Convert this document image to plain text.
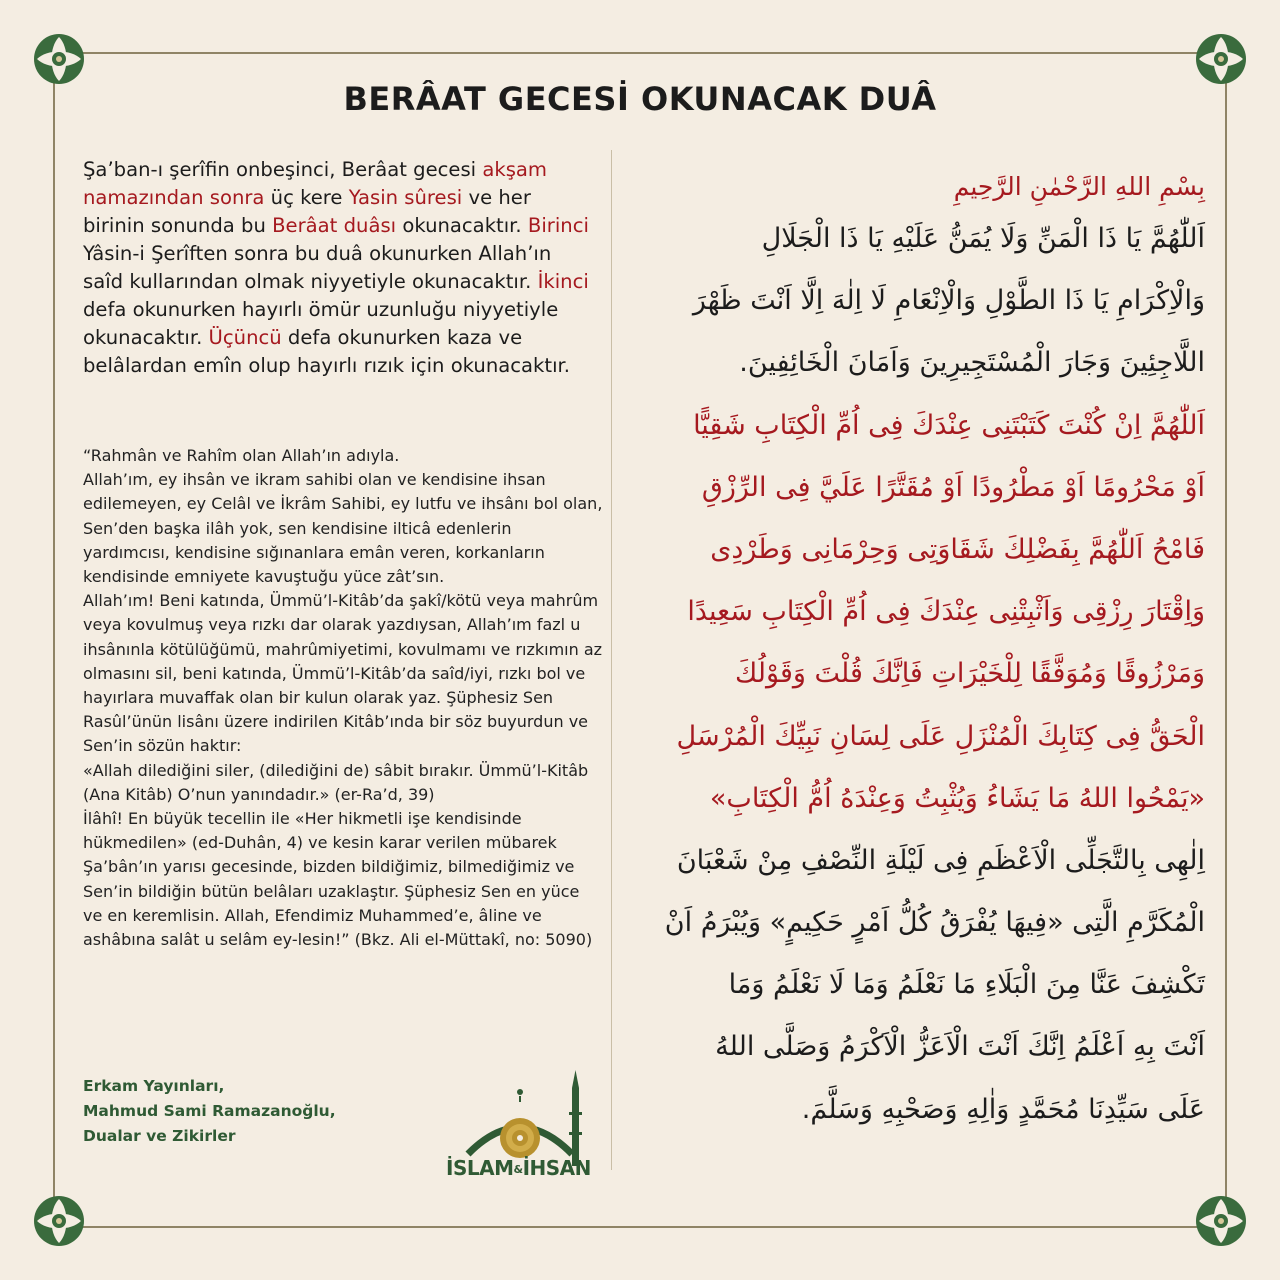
BERÂAT GECESİ OKUNACAK DUÂ
Şa’ban-ı şerîfin onbeşinci, Berâat gecesi akşam namazından sonra üç kere Yasin sûresi ve her birinin sonunda bu Berâat duâsı okunacaktır. Birinci Yâsin-i Şerîften sonra bu duâ okunurken Allah’ın saîd kullarından olmak niyyetiyle okunacaktır. İkinci defa okunurken hayırlı ömür uzunluğu niyyetiyle okunacaktır. Üçüncü defa okunurken kaza ve belâlardan emîn olup hayırlı rızık için okunacaktır.

“Rahmân ve Rahîm olan Allah’ın adıyla.

Allah’ım, ey ihsân ve ikram sahibi olan ve kendisine ihsan edilemeyen, ey Celâl ve İkrâm Sahibi, ey lutfu ve ihsânı bol olan, Sen’den başka ilâh yok, sen kendisine ilticâ edenlerin yardımcısı, kendisine sığınanlara emân veren, korkanların kendisinde emniyete kavuştuğu yüce zât’sın.

Allah’ım! Beni katında, Ümmü’l-Kitâb’da şakî/kötü veya mahrûm veya kovulmuş veya rızkı dar olarak yazdıysan, Allah’ım fazl u ihsânınla kötülüğümü, mahrûmiyetimi, kovulmamı ve rızkımın az olmasını sil, beni katında, Ümmü’l-Kitâb’da saîd/iyi, rızkı bol ve hayırlara muvaffak olan bir kulun olarak yaz. Şüphesiz Sen Rasûl’ünün lisânı üzere indirilen Kitâb’ında bir söz buyurdun ve Sen’in sözün haktır:

«Allah dilediğini siler, (dilediğini de) sâbit bırakır. Ümmü’l-Kitâb (Ana Kitâb) O’nun yanındadır.» (er-Ra’d, 39)

İlâhî! En büyük tecellin ile «Her hikmetli işe kendisinde hükmedilen» (ed-Duhân, 4) ve kesin karar verilen mübarek Şa’bân’ın yarısı gecesinde, bizden bildiğimiz, bilmediğimiz ve Sen’in bildiğin bütün belâları uzaklaştır. Şüphesiz Sen en yüce ve en keremlisin. Allah, Efendimiz Muhammed’e, âline ve ashâbına salât u selâm ey-lesin!” (Bkz. Ali el-Müttakî, no: 5090)

Erkam Yayınları,
Mahmud Sami Ramazanoğlu,
Dualar ve Zikirler
İSLAM&İHSAN
بِسْمِ اللهِ الرَّحْمٰنِ الرَّحِيمِ
اَللّٰهُمَّ يَا ذَا الْمَنِّ وَلَا يُمَنُّ عَلَيْهِ يَا ذَا الْجَلَالِ
وَالْاِكْرَامِ يَا ذَا الطَّوْلِ وَالْاِنْعَامِ لَا اِلٰهَ اِلَّا اَنْتَ ظَهْرَ
اللَّاجِئِينَ وَجَارَ الْمُسْتَجِيرِينَ وَاَمَانَ الْخَائِفِينَ.
اَللّٰهُمَّ اِنْ كُنْتَ كَتَبْتَنِى عِنْدَكَ فِى اُمِّ الْكِتَابِ شَقِيًّا
اَوْ مَحْرُومًا اَوْ مَطْرُودًا اَوْ مُقَتَّرًا عَلَيَّ فِى الرِّزْقِ
فَامْحُ اَللّٰهُمَّ بِفَضْلِكَ شَقَاوَتِى وَحِرْمَانِى وَطَرْدِى
وَاِقْتَارَ رِزْقِى وَاَثْبِتْنِى عِنْدَكَ فِى اُمِّ الْكِتَابِ سَعِيدًا
وَمَرْزُوقًا وَمُوَفَّقًا لِلْخَيْرَاتِ فَاِنَّكَ قُلْتَ وَقَوْلُكَ
الْحَقُّ فِى كِتَابِكَ الْمُنْزَلِ عَلَى لِسَانِ نَبِيِّكَ الْمُرْسَلِ
«يَمْحُوا اللهُ مَا يَشَاءُ وَيُثْبِتُ وَعِنْدَهُ اُمُّ الْكِتَابِ»
اِلٰهِى بِالتَّجَلِّى الْاَعْظَمِ فِى لَيْلَةِ النِّصْفِ مِنْ شَعْبَانَ
الْمُكَرَّمِ الَّتِى «فِيهَا يُفْرَقُ كُلُّ اَمْرٍ حَكِيمٍ» وَيُبْرَمُ اَنْ
تَكْشِفَ عَنَّا مِنَ الْبَلَاءِ مَا نَعْلَمُ وَمَا لَا نَعْلَمُ وَمَا
اَنْتَ بِهِ اَعْلَمُ اِنَّكَ اَنْتَ الْاَعَزُّ الْاَكْرَمُ وَصَلَّى اللهُ
عَلَى سَيِّدِنَا مُحَمَّدٍ وَاٰلِهِ وَصَحْبِهِ وَسَلَّمَ.
